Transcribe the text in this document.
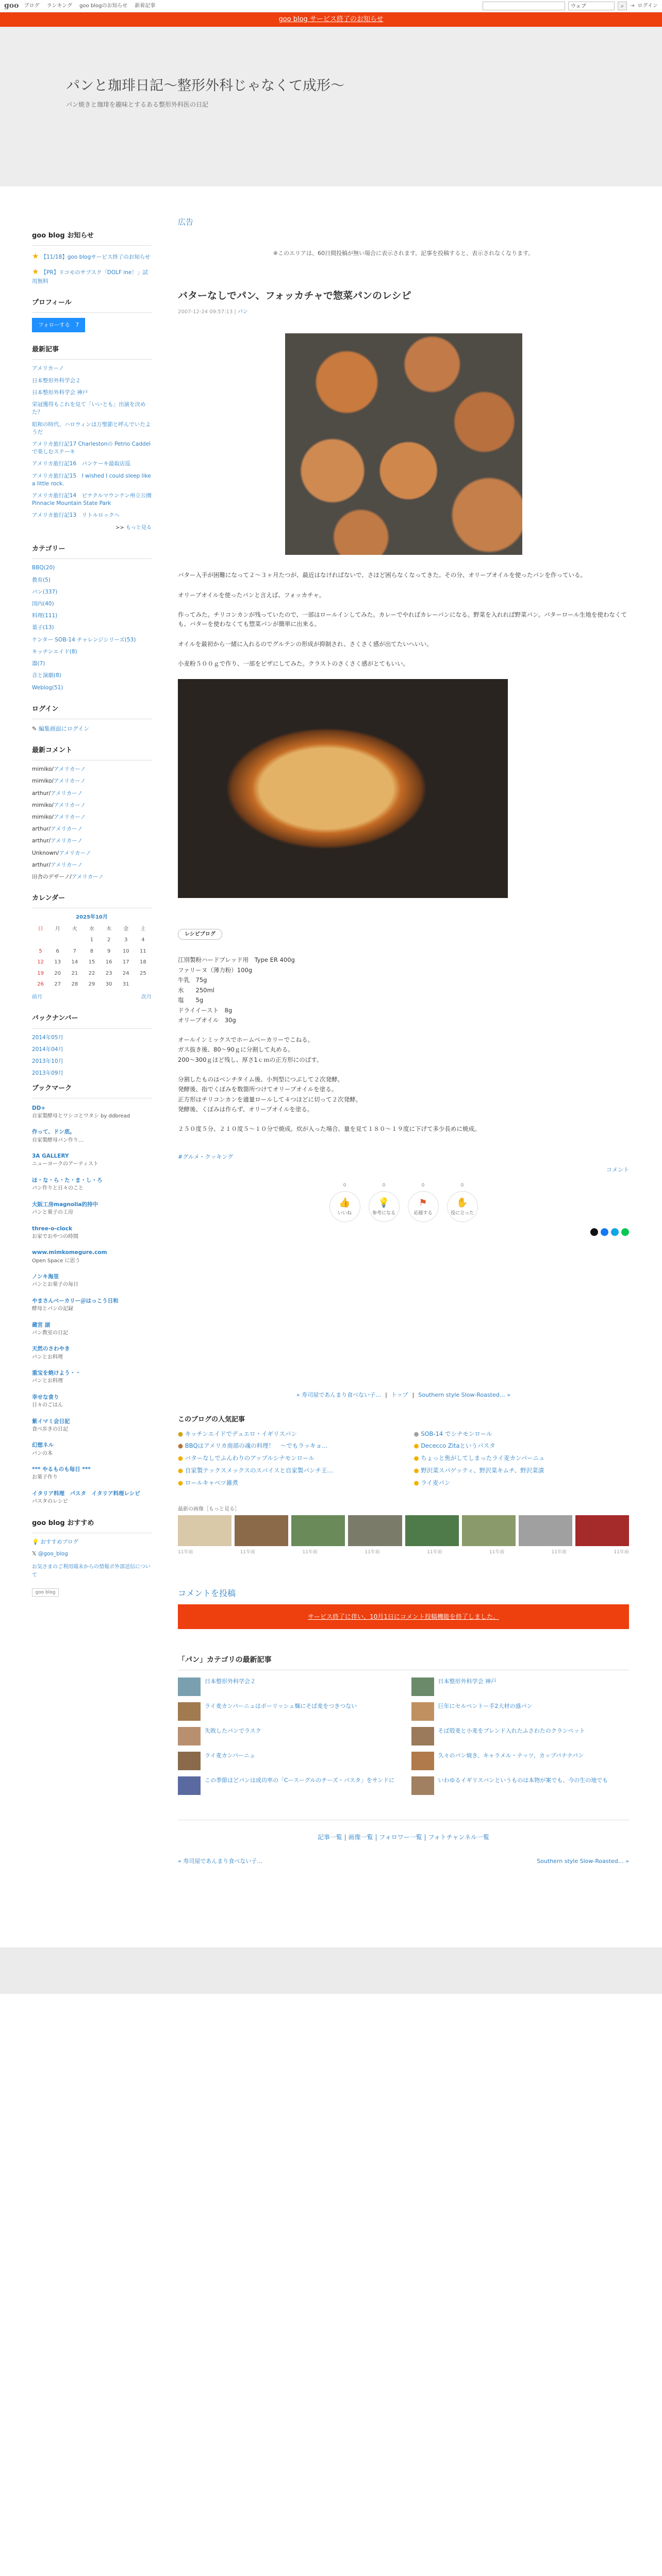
goo ブログ ランキング goo blogのお知らせ 新着記事	ウェブ	⌕	⇥ ログイン
goo blog サービス終了のお知らせ
パンと珈琲日記〜整形外科じゃなくて成形〜
パン焼きと珈琲を趣味とするある整形外科医の日記
goo blog お知らせ
★ 【11/18】goo blogサービス終了のお知らせ
★ 【PR】ドコモのサブスク「DOLF ine！」試用無料
プロフィール
フォローする　 7
最新記事
アメリカーノ
日本整形外科学会２
日本整形外科学会 神戸
栄冠獲得もこれを見て「いいとも」出演を決めた？
昭和の時代、ハロウィンは万聖節と呼んでいたようだ
アメリカ旅行記17 Charlestonの Petrio Caddelで楽しむステーキ
アメリカ旅行記16　パンケーキ最取店巡
アメリカ旅行記15　I wished I could sleep like a little rock.
アメリカ旅行記14　ピナクルマウンテン州立公園 Pinnacle Mountain State Park
アメリカ旅行記13　リトルロックへ
>> もっと見る
カテゴリー
BBQ(20)
教育(5)
パン(337)
国内(40)
料理(111)
菓子(13)
ケンター SOB-14 チャレンジシリーズ(53)
キッチンエイド(8)
器(7)
音と演劇(8)
Weblog(51)
ログイン
✎ 編集画面にログイン
最新コメント
mimiko/アメリカーノ
mimiko/アメリカーノ
arthur/アメリカーノ
mimiko/アメリカーノ
mimiko/アメリカーノ
arthur/アメリカーノ
arthur/アメリカーノ
Unknown/アメリカーノ
arthur/アメリカーノ
田舎のデザーノ/アメリカーノ
カレンダー
2025年10月
日	月	火	水	木	金	土
			1	2	3	4
5	6	7	8	9	10	11
12	13	14	15	16	17	18
19	20	21	22	23	24	25
26	27	28	29	30	31	
前月	次月
バックナンバー
2014年05月
2014年04月
2013年10月
2013年09月
ブックマーク
DD+
自家製酵母とワシコとワタシ by ddbread
作って、ドン底。
自家製酵母パン作り…
3A GALLERY
ニューヨークのアーティスト
ほ・な・ら・た・ま・し・ろ
パン作りと日々のこと
大阪工房magnolia的持中
パンと菓子の工房
three-o-clock
お家でおやつの時間
www.mimkomegure.com
Open Space に思う
ノンキ海里
パンとお菓子の毎日
やまさんベーカリー＠はっこう日和
酵母とパンの記録
蔵宮 湖
パン教室の日記
天然のさわやき
パンとお料理
重宝を焼けよう・・
パンとお料理
幸せな食り
日々のごはん
紫イマミ会日記
食べ歩きの日記
幻想ネル
パンの本
*** やるものも毎日 ***
お菓子作り
イタリア料理　パスタ　イタリア料理レシピ
パスタのレシピ
goo blog おすすめ
💡 おすすめブログ
𝕏 @goo_blog
お気さまのご利用端末からの情報ポ外部送信について
goo blog
広告
※このエリアは、60日間投稿が無い場合に表示されます。記事を投稿すると、表示されなくなります。
バターなしでパン、フォッカチャで惣菜パンのレシピ
2007-12-24 09:57:13 | パン

バター入手が困難になって２〜３ヶ月たつが、最近はなければないで、さほど困らなくなってきた。その分、オリーブオイルを使ったパンを作っている。

オリーブオイルを使ったパンと言えば、フォッカチャ。

作ってみた。チリコンカンが残っていたので、一部はロールインしてみた。カレーでやればカレーパンになる。野菜を入れれば野菜パン。パターロール生地を使わなくても、バターを使わなくても惣菜パンが簡単に出来る。

オイルを最初から一緒に入れるのでグルテンの形成が抑制され、さくさく感が出てたいへいい。

小麦粉５００ｇで作り、一部をピザにしてみた。クラストのさくさく感がとてもいい。

レシピブログ

江別製粉ハードブレッド用　Type ER 400g

ファリーヌ（薄力粉）100g

牛乳　75g

水　　250ml

塩　　5g

ドライイースト　8g

オリーブオイル　30g

オールインミックスでホームベーカリーでこねる。

ガス抜き後、80〜90ｇに分割して丸める。

200〜300ｇほど残し、厚さ1ｃｍの正方形にのばす。

分割したものはベンチタイム後、小判型につぶして２次発酵。

発酵後、指でくぼみを数箇所つけてオリーブオイルを塗る。

正方形はチリコンカンを適量ロールして４つほどに切って２次発酵。

発酵後、くぼみは作らず、オリーブオイルを塗る。

２５０度５分、２１０度５〜１０分で焼成。炊が入った場合、量を見て１８０〜１９度に下げて多少長めに焼成。

#グルメ・クッキング
コメント
0
👍
いいね
0
💡
参考になる
0
⚑
応援する
0
✋
役に立った
« 寿司屋であんまり食べない子… | トップ | Southern style Slow-Roasted… »
このブログの人気記事
● キッチンエイドでデュエロ・イギリスパン	● SOB-14 でシナモンロール
● BBQはアメリカ南部の魂の料理！　〜でもラッキョ…	● Dececco Zitaというパスタ
● バターなしでふんわりのアップルシナモンロール	● ちょっと焦がしてしまったライ麦カンパーニュ
● 自家製テックスメックスのスパイスと自家製パンチ王…	● 野沢菜スパゲッティ、野沢菜キムチ、野沢菜漬
● ロールキャベツ雑煮	● ライ麦パン
最新の画像［もっと見る］
11年前	11年前	11年前	11年前	11年前	11年前	11年前	11年前
コメントを投稿
サービス終了に伴い、10月1日にコメント投稿機能を終了しました。
「パン」カテゴリの最新記事
日本整形外科学会２	日本整形外科学会 神戸
ライ麦カンパーニュはボーリッシュ麺にそば麦をつきつない	巨年にセルペントー手2大材の盛パン
失敗したパンでラスク	そば殻麦と小麦をブレンド入れたふさわたのクランペット
ライ麦カンパーニュ	久々のパン焼き、キャラメル・ナッツ、カップパナナパン
この季節ほどパンは成功率の「Cースーグルのチーズ・パスタ」をサンドに	いわゆるイギリスパンというものは本物が案でも、今の生の地でも
記事一覧 | 画像一覧 | フォロワー一覧 | フォトチャンネル一覧
« 寿司屋であんまり食べない子…	Southern style Slow-Roasted… »
